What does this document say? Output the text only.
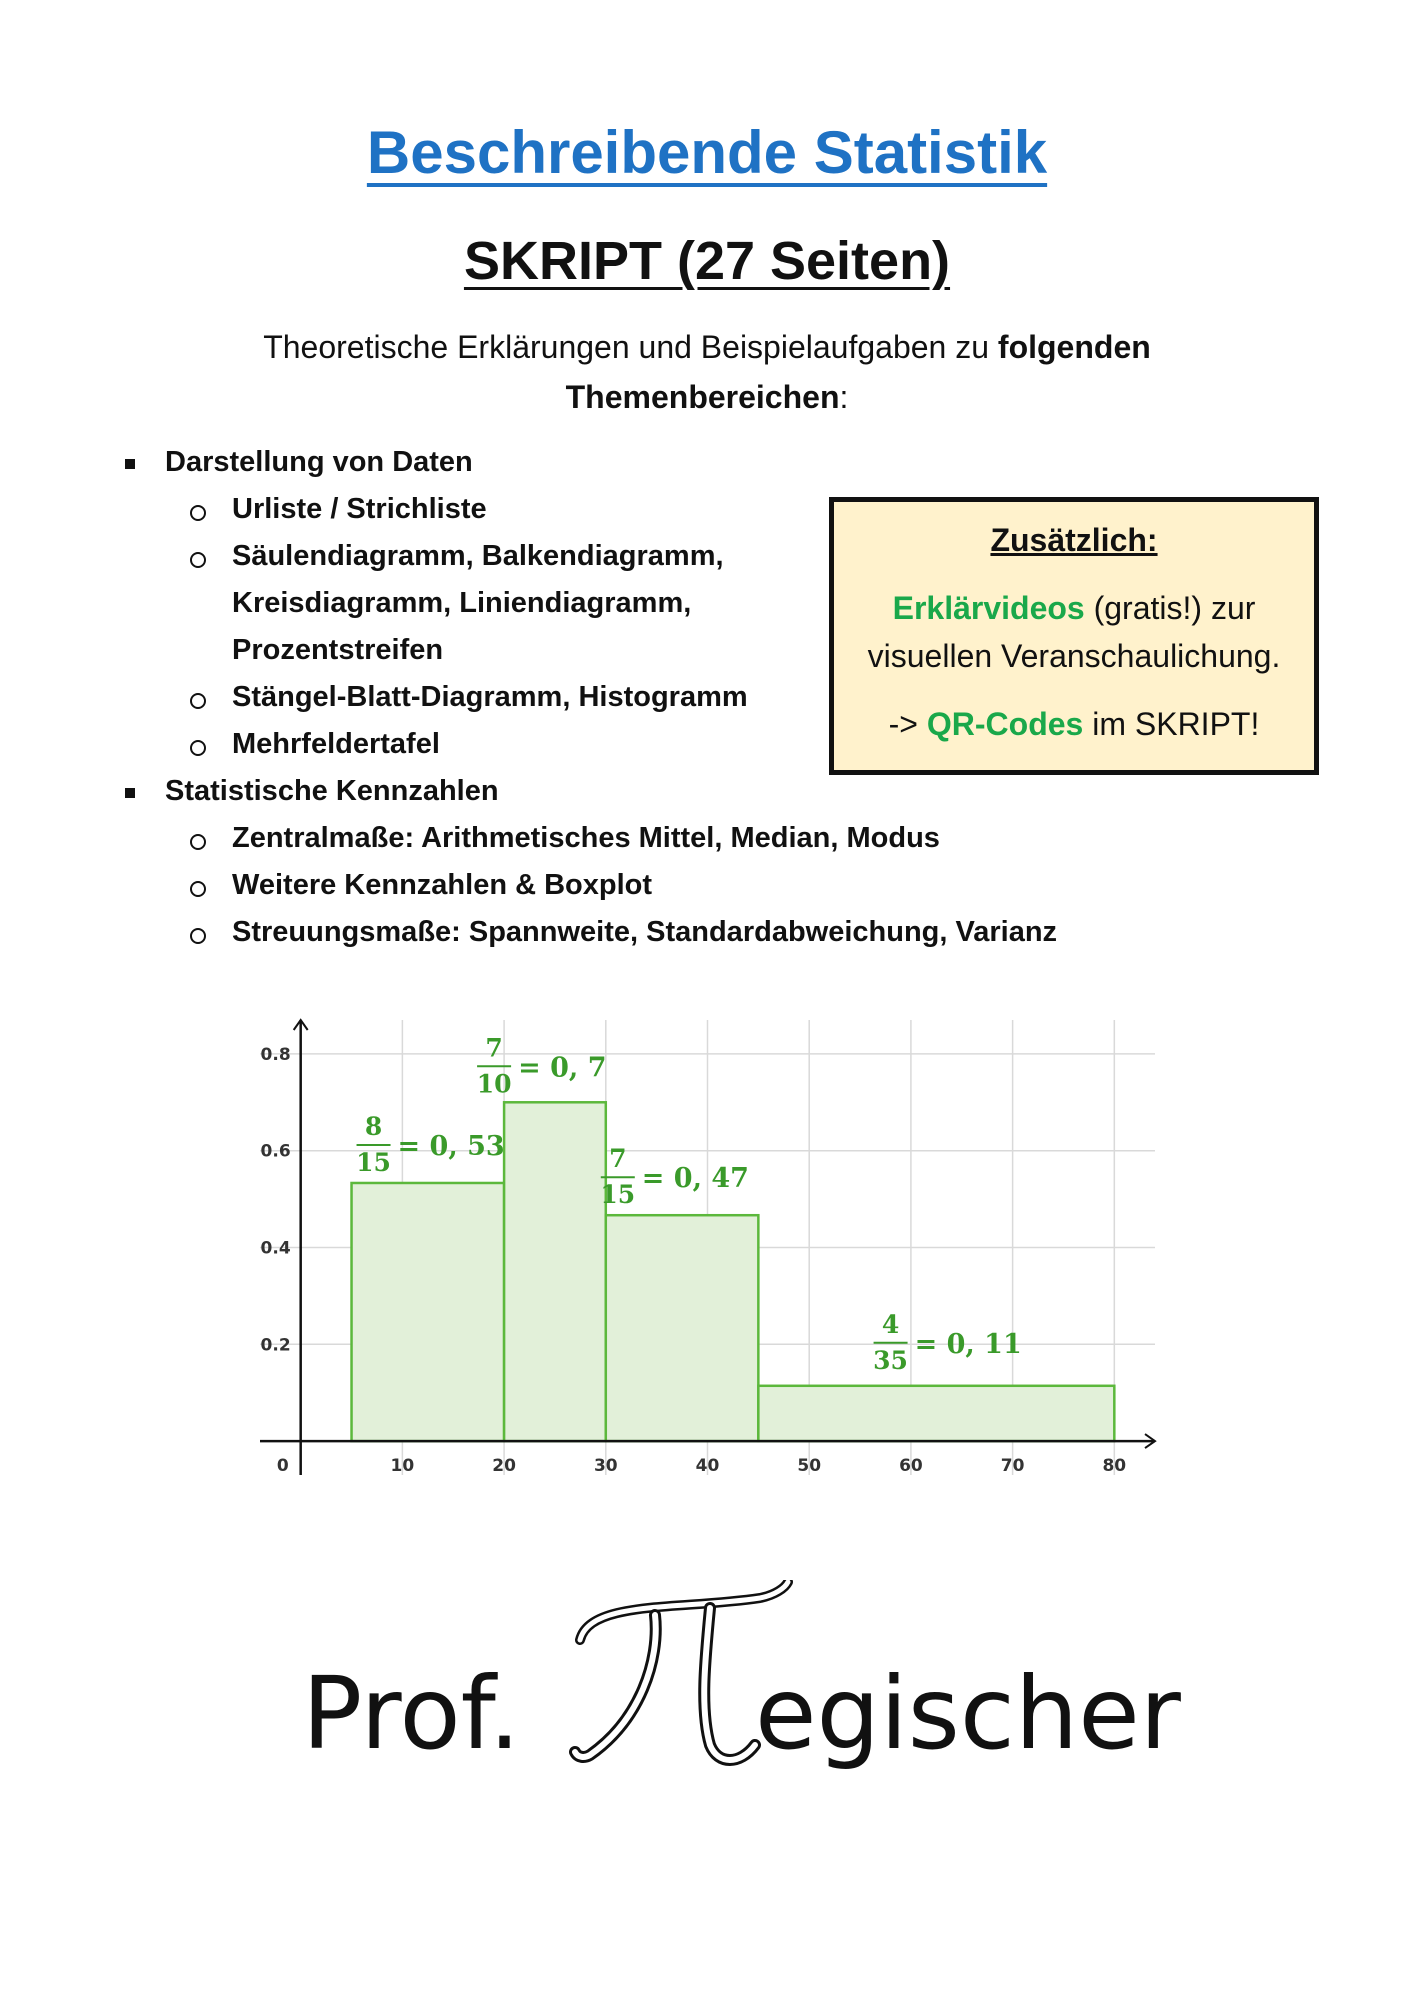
Beschreibende Statistik
SKRIPT (27 Seiten)
Theoretische Erklärungen und Beispielaufgaben zu folgenden
Themenbereichen:
Darstellung von Daten
Urliste / Strichliste
Säulendiagramm, Balkendiagramm,
Kreisdiagramm, Liniendiagramm,
Prozentstreifen
Stängel-Blatt-Diagramm, Histogramm
Mehrfeldertafel
Statistische Kennzahlen
Zentralmaße: Arithmetisches Mittel, Median, Modus
Weitere Kennzahlen & Boxplot
Streuungsmaße: Spannweite, Standardabweichung, Varianz
Zusätzlich:
Erklärvideos (gratis!) zur
visuellen Veranschaulichung.
-> QR-Codes im SKRIPT!
10	20	30	40	50	60	70	80
0.2
0.4
0.6
0.8
0
8
15
= 0, 53
7
10
= 0, 7
7
15
= 0, 47
4
35
= 0, 11
Prof. egischer
